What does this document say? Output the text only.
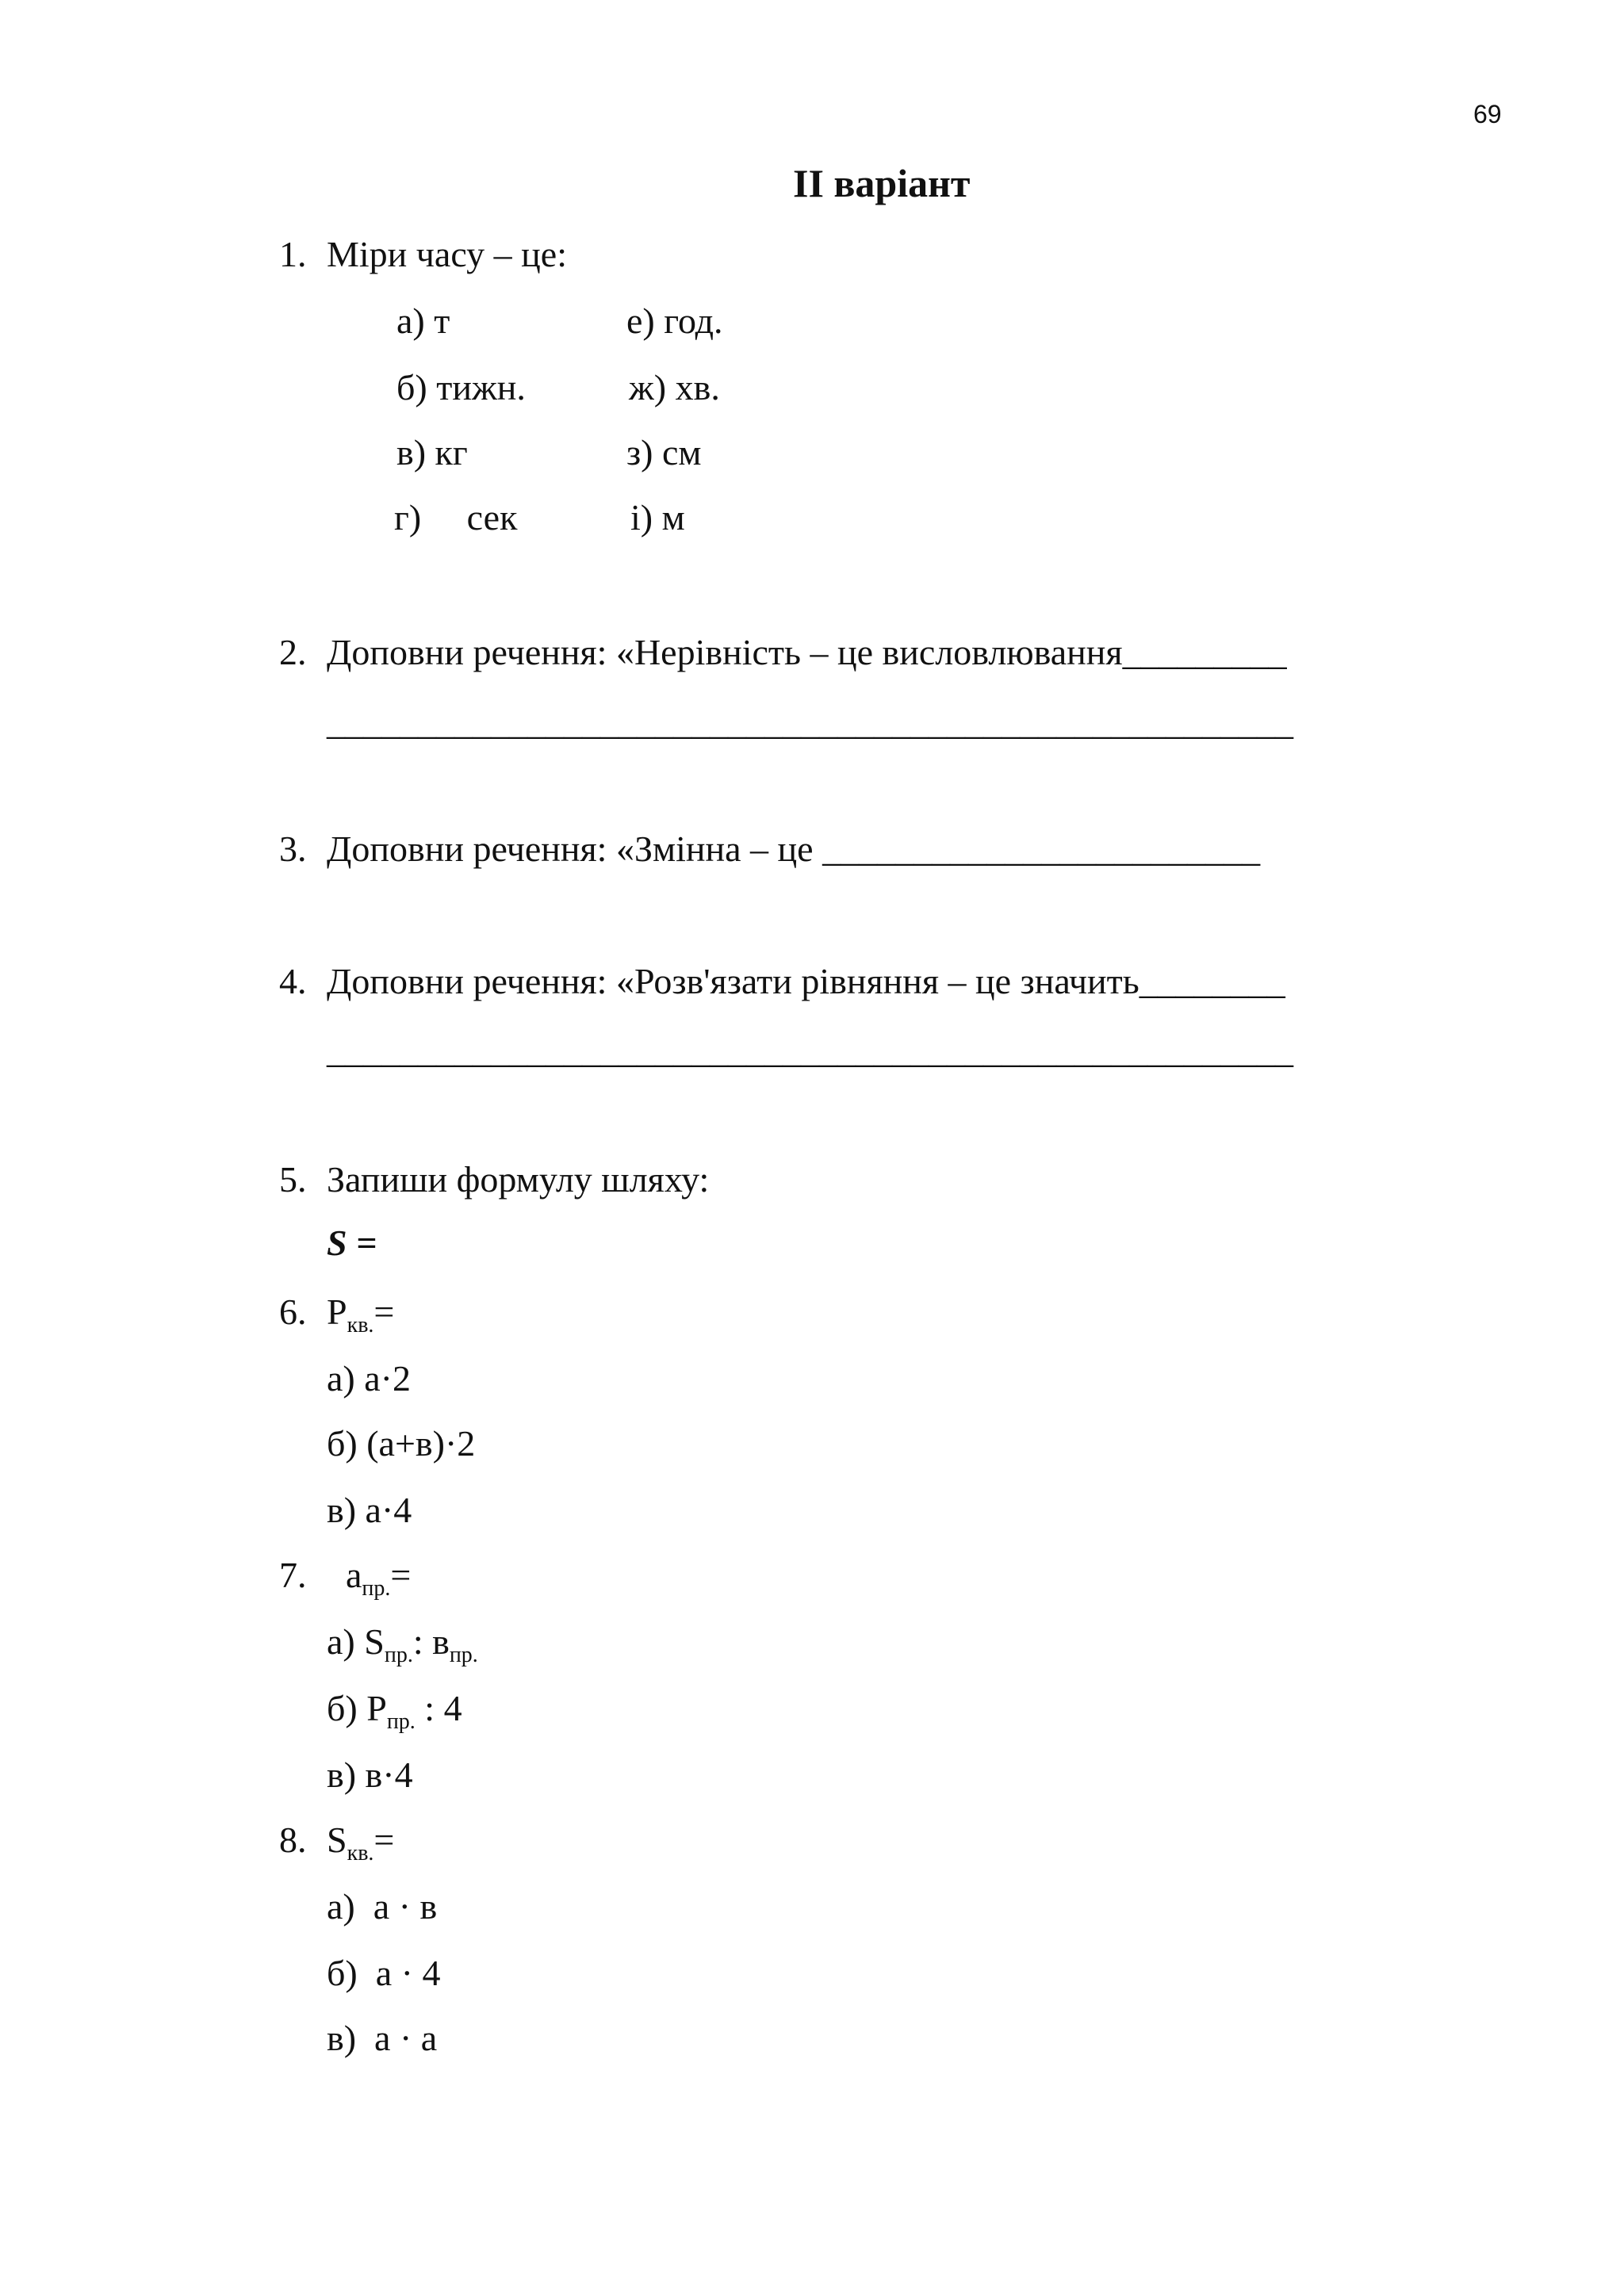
69
II варіант
1. Міри часу – це:
а) т	е) год.
б) тижн.	ж) хв.
в) кг	з) см
г)     сек	і) м
2. Доповни речення: «Нерівність – це висловлювання_________
_____________________________________________________
3. Доповни речення: «Змінна – це ________________________
4. Доповни речення: «Розв'язати рівняння – це значить________
_____________________________________________________
5. Запиши формулу шляху:
S =
6. $Р_{кв.}=$
а) а·2
б) (а+в)·2
в) а·4
7. $а_{пр.}=$
а) $S_{пр.}$: $в_{пр.}$
б) $Р_{пр.}$ : 4
в) в·4
8. $S_{кв.}=$
а)  а · в
б)  а · 4
в)  а · а
